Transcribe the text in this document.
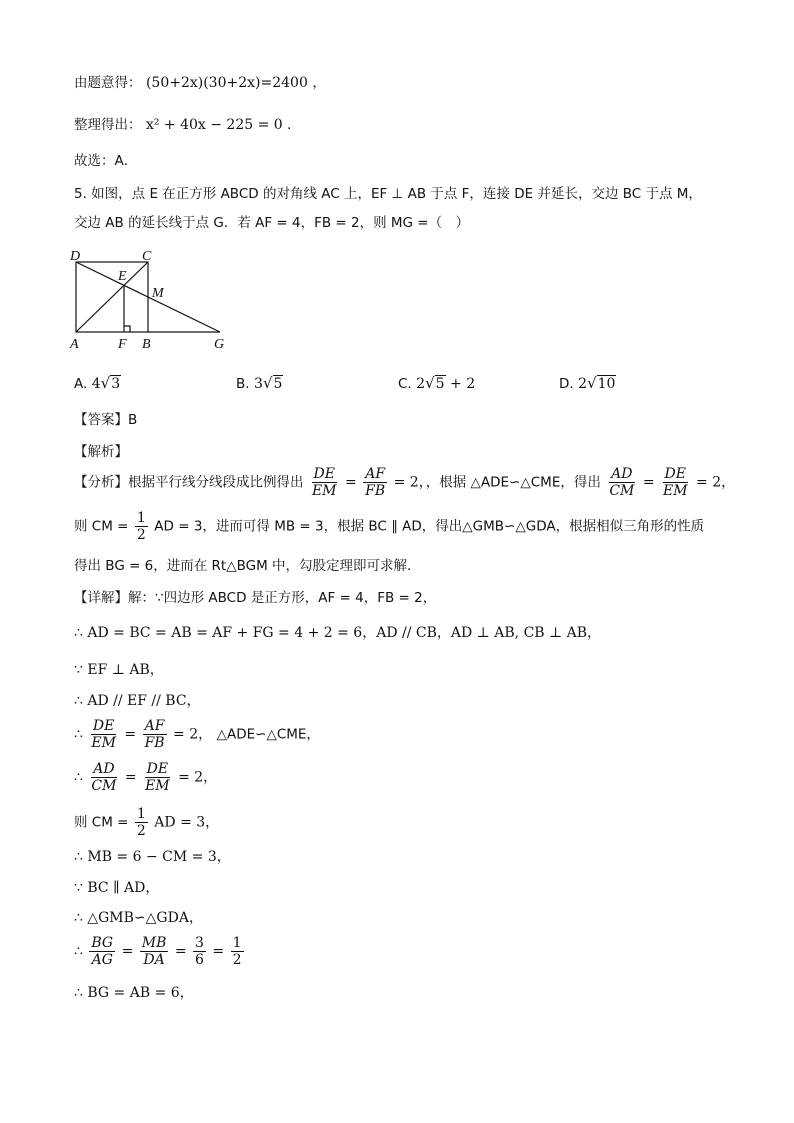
由题意得： (50+2x)(30+2x)=2400 ，
整理得出： x² + 40x − 225 = 0 ．
故选：A．
5. 如图，点 E 在正方形 ABCD 的对角线 AC 上，EF ⊥ AB 于点 F，连接 DE 并延长，交边 BC 于点 M，
交边 AB 的延长线于点 G．若 AF = 4，FB = 2，则 MG =（　）
D	C
E
M
A	F B	G
A. 4√3	B. 3√5	C. 2√5 + 2	D. 2√10
【答案】B
【解析】
【分析】根据平行线分线段成比例得出 $\frac{DE}{EM} = \frac{AF}{FB} = 2$，，根据 △ADE∽△CME，得出 $\frac{AD}{CM} = \frac{DE}{EM} = 2$，
则 CM = $\frac{1}{2}$ AD = 3，进而可得 MB = 3，根据 BC ∥ AD，得出△GMB∽△GDA，根据相似三角形的性质
得出 BG = 6，进而在 Rt△BGM 中，勾股定理即可求解．
【详解】解：∵四边形 ABCD 是正方形，AF = 4，FB = 2，
∴ AD = BC = AB = AF + FG = 4 + 2 = 6，AD // CB，AD ⊥ AB, CB ⊥ AB，
∵ EF ⊥ AB，
∴ AD // EF // BC，
∴ $\frac{DE}{EM} = \frac{AF}{FB} = 2$， △ADE∽△CME，
∴ $\frac{AD}{CM} = \frac{DE}{EM} = 2$，
则 CM = $\frac{1}{2}$ AD = 3，
∴ MB = 6 − CM = 3，
∵ BC ∥ AD，
∴ △GMB∽△GDA，
∴ $\frac{BG}{AG} = \frac{MB}{DA} = \frac{3}{6} = \frac{1}{2}$
∴ BG = AB = 6，
